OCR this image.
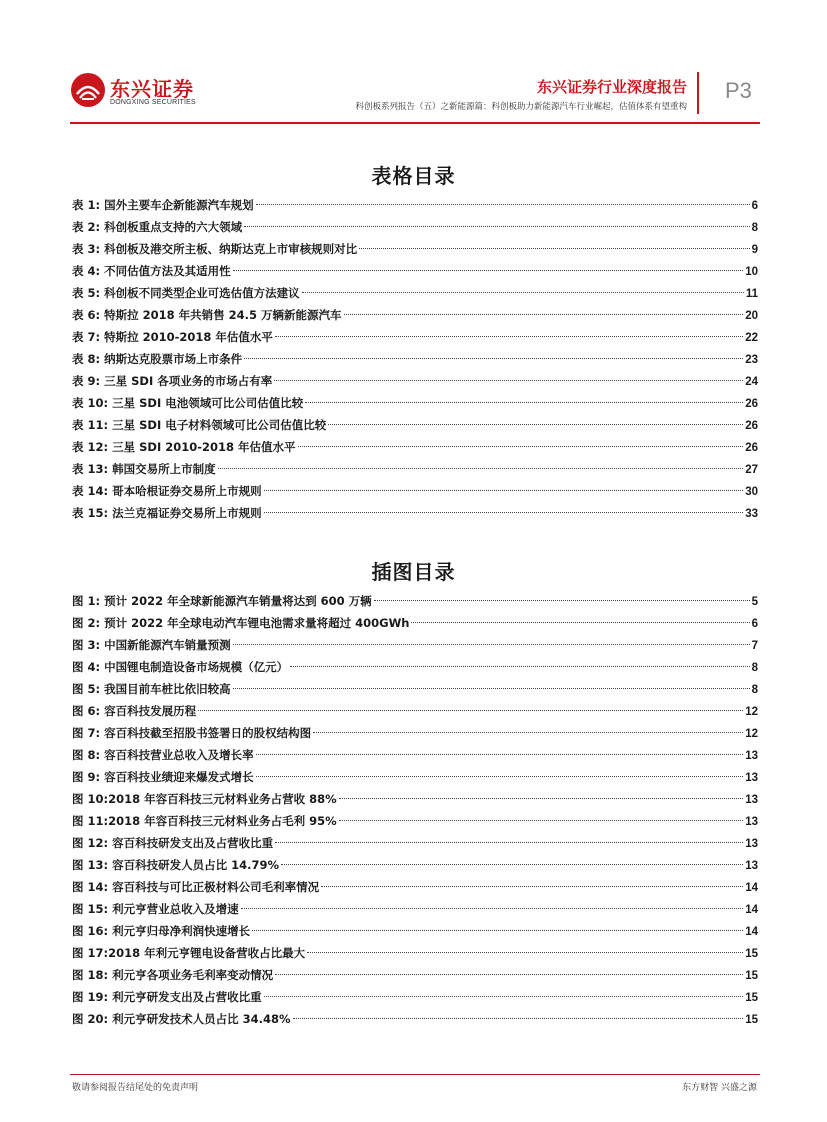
东兴证券
DONGXING SECURITIES
东兴证券行业深度报告
科创板系列报告（五）之新能源篇：科创板助力新能源汽车行业崛起，估值体系有望重构
P3
表格目录
表 1: 国外主要车企新能源汽车规划	6
表 2: 科创板重点支持的六大领域	8
表 3: 科创板及港交所主板、纳斯达克上市审核规则对比	9
表 4: 不同估值方法及其适用性	10
表 5: 科创板不同类型企业可选估值方法建议	11
表 6: 特斯拉 2018 年共销售 24.5 万辆新能源汽车	20
表 7: 特斯拉 2010-2018 年估值水平	22
表 8: 纳斯达克股票市场上市条件	23
表 9: 三星 SDI 各项业务的市场占有率	24
表 10: 三星 SDI 电池领域可比公司估值比较	26
表 11: 三星 SDI 电子材料领域可比公司估值比较	26
表 12: 三星 SDI 2010-2018 年估值水平	26
表 13: 韩国交易所上市制度	27
表 14: 哥本哈根证券交易所上市规则	30
表 15: 法兰克福证券交易所上市规则	33
插图目录
图 1: 预计 2022 年全球新能源汽车销量将达到 600 万辆	5
图 2: 预计 2022 年全球电动汽车锂电池需求量将超过 400GWh	6
图 3: 中国新能源汽车销量预测	7
图 4: 中国锂电制造设备市场规模（亿元）	8
图 5: 我国目前车桩比依旧较高	8
图 6: 容百科技发展历程	12
图 7: 容百科技截至招股书签署日的股权结构图	12
图 8: 容百科技营业总收入及增长率	13
图 9: 容百科技业绩迎来爆发式增长	13
图 10:2018 年容百科技三元材料业务占营收 88%	13
图 11:2018 年容百科技三元材料业务占毛利 95%	13
图 12: 容百科技研发支出及占营收比重	13
图 13: 容百科技研发人员占比 14.79%	13
图 14: 容百科技与可比正极材料公司毛利率情况	14
图 15: 利元亨营业总收入及增速	14
图 16: 利元亨归母净利润快速增长	14
图 17:2018 年利元亨锂电设备营收占比最大	15
图 18: 利元亨各项业务毛利率变动情况	15
图 19: 利元亨研发支出及占营收比重	15
图 20: 利元亨研发技术人员占比 34.48%	15
敬请参阅报告结尾处的免责声明	东方财智 兴盛之源
